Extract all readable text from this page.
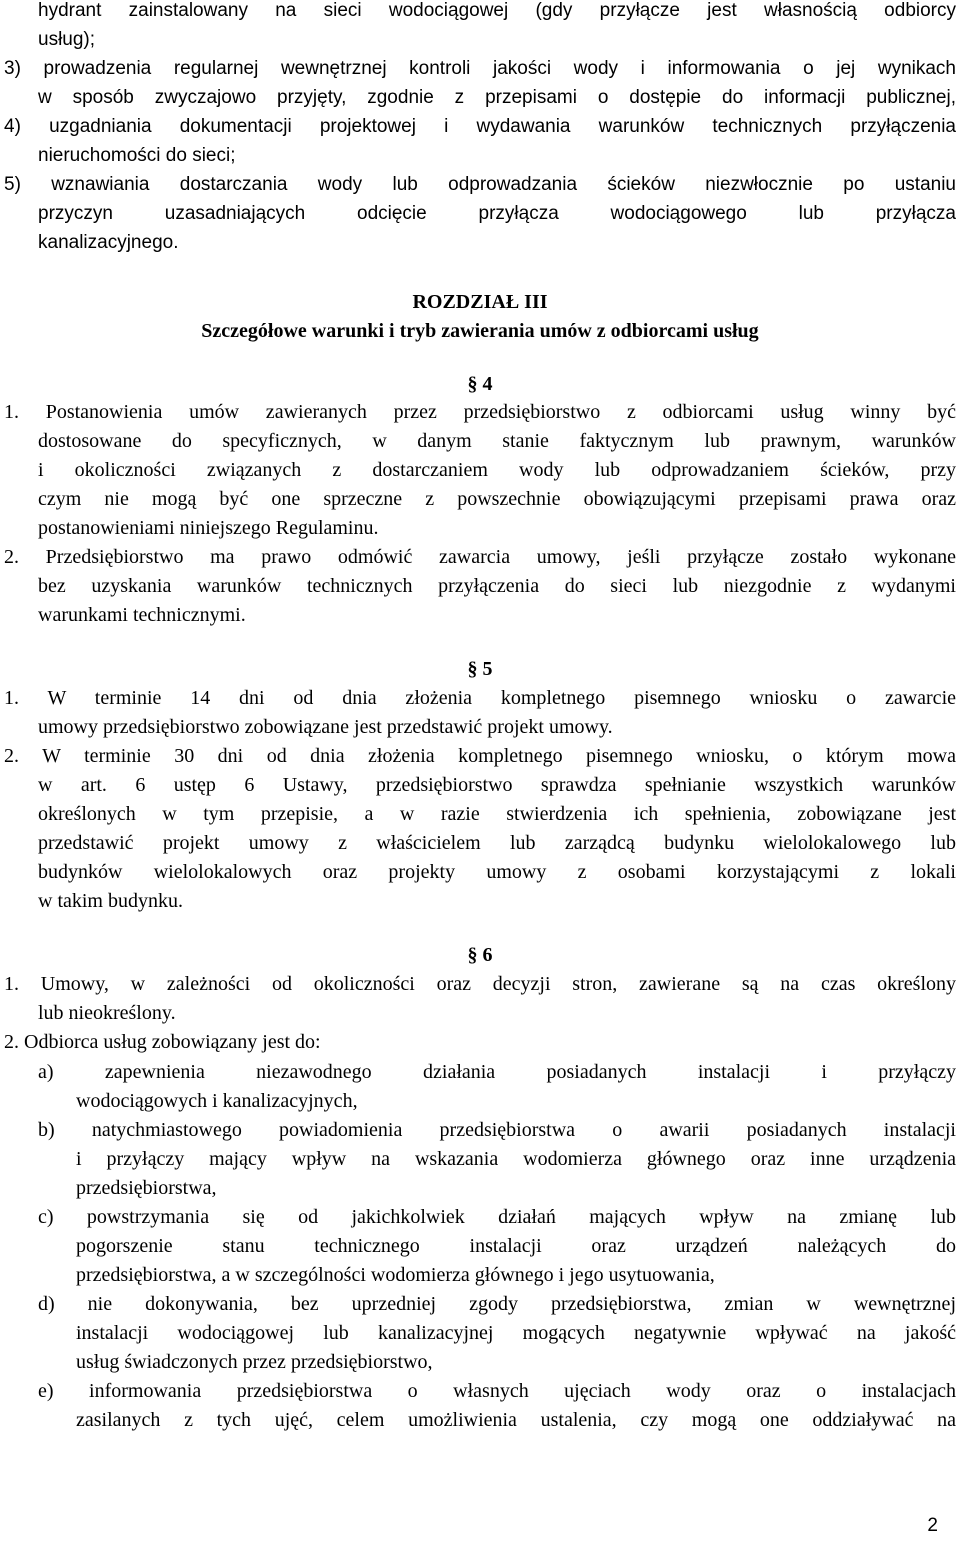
hydrant zainstalowany na sieci wodociągowej (gdy przyłącze jest własnością odbiorcy
usług);
3) prowadzenia regularnej wewnętrznej kontroli jakości wody i informowania o jej wynikach
w sposób zwyczajowo przyjęty, zgodnie z przepisami o dostępie do informacji publicznej,
4) uzgadniania dokumentacji projektowej i wydawania warunków technicznych przyłączenia
nieruchomości do sieci;
5) wznawiania dostarczania wody lub odprowadzania ścieków niezwłocznie po ustaniu
przyczyn uzasadniających odcięcie przyłącza wodociągowego lub przyłącza
kanalizacyjnego.
ROZDZIAŁ III
Szczegółowe warunki i tryb zawierania umów z odbiorcami usług
§ 4
1. Postanowienia umów zawieranych przez przedsiębiorstwo z odbiorcami usług winny być
dostosowane do specyficznych, w danym stanie faktycznym lub prawnym, warunków
i okoliczności związanych z dostarczaniem wody lub odprowadzaniem ścieków, przy
czym nie mogą być one sprzeczne z powszechnie obowiązującymi przepisami prawa oraz
postanowieniami niniejszego Regulaminu.
2. Przedsiębiorstwo ma prawo odmówić zawarcia umowy, jeśli przyłącze zostało wykonane
bez uzyskania warunków technicznych przyłączenia do sieci lub niezgodnie z wydanymi
warunkami technicznymi.
§ 5
1. W terminie 14 dni od dnia złożenia kompletnego pisemnego wniosku o zawarcie
umowy przedsiębiorstwo zobowiązane jest przedstawić projekt umowy.
2. W terminie 30 dni od dnia złożenia kompletnego pisemnego wniosku, o którym mowa
w art. 6 ustęp 6 Ustawy, przedsiębiorstwo sprawdza spełnianie wszystkich warunków
określonych w tym przepisie, a w razie stwierdzenia ich spełnienia, zobowiązane jest
przedstawić projekt umowy z właścicielem lub zarządcą budynku wielolokalowego lub
budynków wielolokalowych oraz projekty umowy z osobami korzystającymi z lokali
w takim budynku.
§ 6
1. Umowy, w zależności od okoliczności oraz decyzji stron, zawierane są na czas określony
lub nieokreślony.
2. Odbiorca usług zobowiązany jest do:
a) zapewnienia niezawodnego działania posiadanych instalacji i przyłączy
wodociągowych i kanalizacyjnych,
b) natychmiastowego powiadomienia przedsiębiorstwa o awarii posiadanych instalacji
i przyłączy mający wpływ na wskazania wodomierza głównego oraz inne urządzenia
przedsiębiorstwa,
c) powstrzymania się od jakichkolwiek działań mających wpływ na zmianę lub
pogorszenie stanu technicznego instalacji oraz urządzeń należących do
przedsiębiorstwa, a w szczególności wodomierza głównego i jego usytuowania,
d) nie dokonywania, bez uprzedniej zgody przedsiębiorstwa, zmian w wewnętrznej
instalacji wodociągowej lub kanalizacyjnej mogących negatywnie wpływać na jakość
usług świadczonych przez przedsiębiorstwo,
e) informowania przedsiębiorstwa o własnych ujęciach wody oraz o instalacjach
zasilanych z tych ujęć, celem umożliwienia ustalenia, czy mogą one oddziaływać na
2
